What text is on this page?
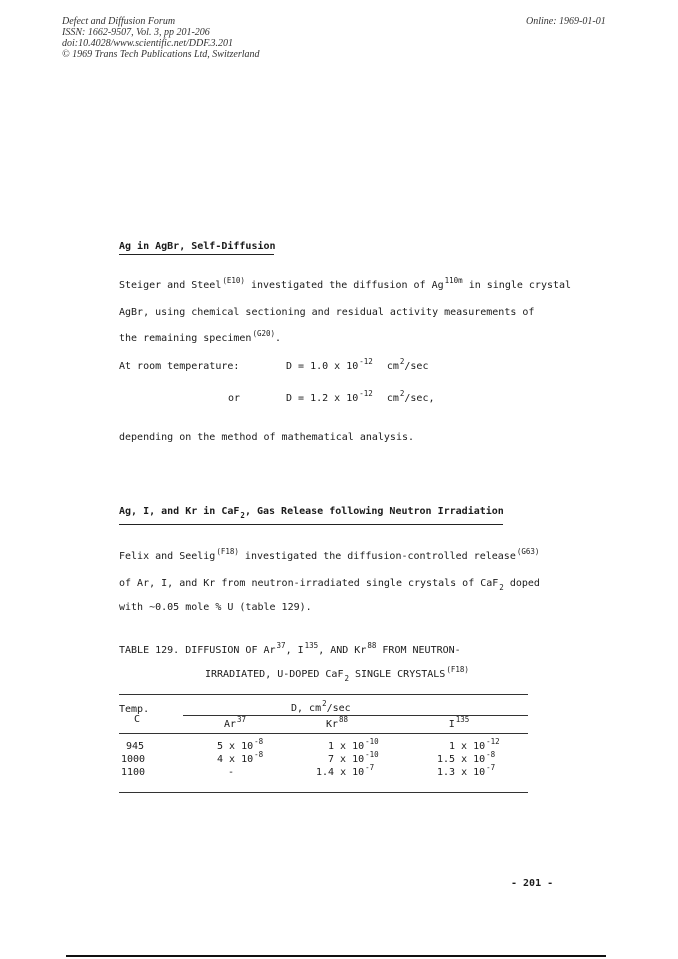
Defect and Diffusion Forum
ISSN: 1662-9507, Vol. 3, pp 201-206
doi:10.4028/www.scientific.net/DDF.3.201
© 1969 Trans Tech Publications Ltd, Switzerland
Online: 1969-01-01
Ag in AgBr, Self-Diffusion
Steiger and Steel$^{(E10)}$ investigated the diffusion of $Ag^{110m}$ in single crystal
AgBr, using chemical sectioning and residual activity measurements of
the remaining specimen$^{(G20)}$.
At room temperature:	D = 1.0 x $10^{-12}$ $cm^2/\sec$
or	D = 1.2 x $10^{-12}$ $cm^2/\sec$,
depending on the method of mathematical analysis.
Ag, I, and Kr in CaF$_2$, Gas Release following Neutron Irradiation
Felix and Seelig$^{(F18)}$ investigated the diffusion-controlled release$^{(G63)}$
of Ar, I, and Kr from neutron-irradiated single crystals of CaF$_2$ doped
with ~0.05 mole % U (table 129).
TABLE 129. DIFFUSION OF Ar$^{37}$, $I^{135}$, AND Kr$^{88}$ FROM NEUTRON-
IRRADIATED, U-DOPED CaF$_2$ SINGLE $CRYSTALS^{(F18)}$
Temp.
C
D, $cm^2/\sec$
Ar$^{37}$	Kr$^{88}$	$I^{135}$
945	5 x $10^{-8}$	1 x $10^{-10}$	1 x $10^{-12}$
1000	4 x $10^{-8}$	7 x $10^{-10}$	1.5 x $10^{-8}$
1100	-	1.4 x $10^{-7}$	1.3 x $10^{-7}$
- 201 -
